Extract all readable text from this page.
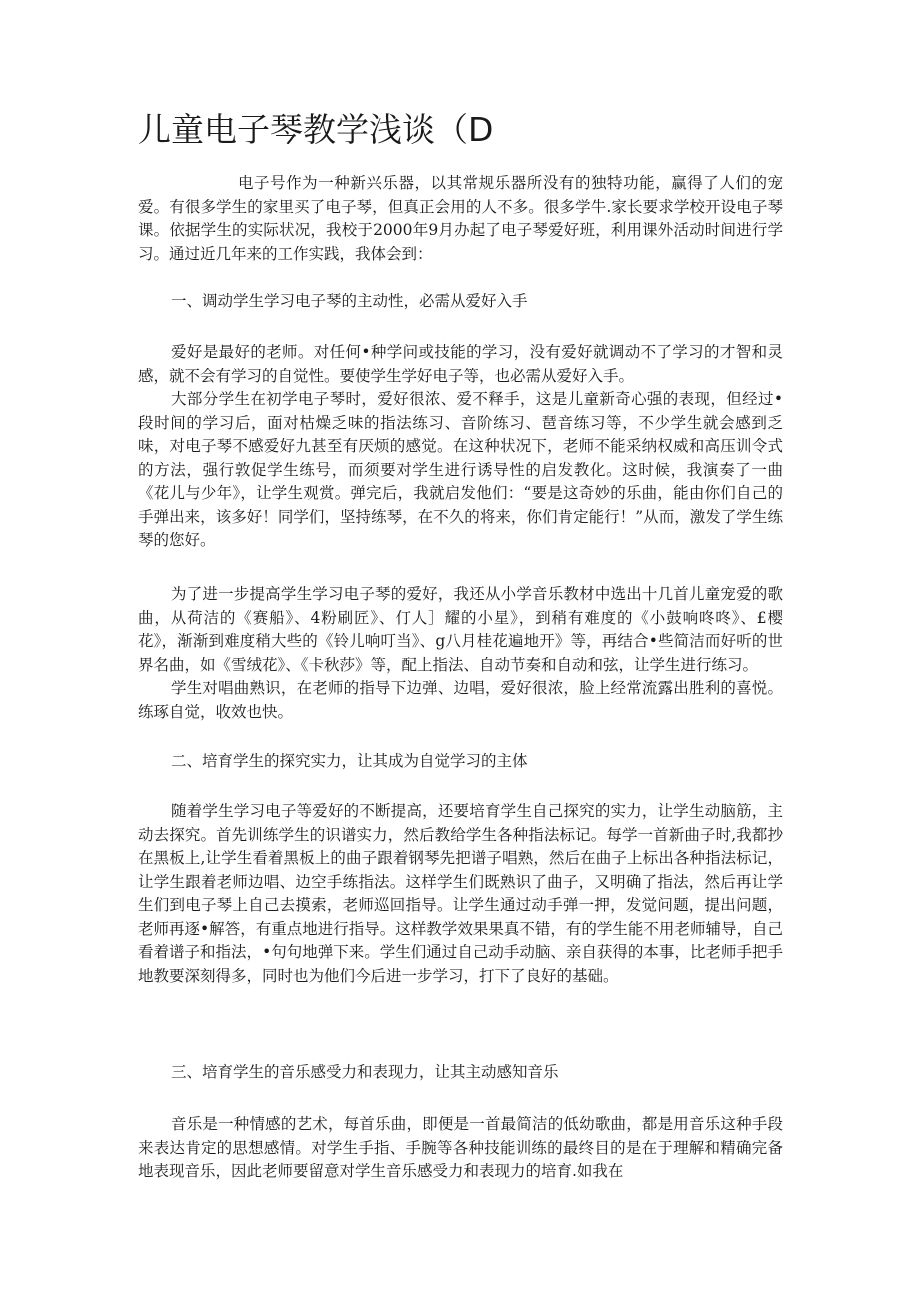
儿童电子琴教学浅谈（D

电子号作为一种新兴乐器，以其常规乐器所没有的独特功能，赢得了人们的宠爱。有很多学生的家里买了电子琴，但真正会用的人不多。很多学牛.家长要求学校开设电子琴课。依据学生的实际状况，我校于2000年9月办起了电子琴爱好班，利用课外活动时间进行学习。通过近几年来的工作实践，我体会到：

一、调动学生学习电子琴的主动性，必需从爱好入手

爱好是最好的老师。对任何•种学问或技能的学习，没有爱好就调动不了学习的才智和灵感，就不会有学习的自觉性。要使学生学好电子等，也必需从爱好入手。

大部分学生在初学电子琴时，爱好很浓、爱不释手，这是儿童新奇心强的表现，但经过•段时间的学习后，面对枯燥乏味的指法练习、音阶练习、琶音练习等，不少学生就会感到乏味，对电子琴不感爱好九甚至有厌烦的感觉。在这种状况下，老师不能采纳权威和高压训令式的方法，强行敦促学生练号，而须要对学生进行诱导性的启发教化。这时候，我演奏了一曲《花儿与少年》，让学生观赏。弹完后，我就启发他们：“要是这奇妙的乐曲，能由你们自己的手弹出来，该多好！同学们，坚持练琴，在不久的将来，你们肯定能行！”从而，激发了学生练琴的您好。

为了进一步提高学生学习电子琴的爱好，我还从小学音乐教材中选出十几首儿童宠爱的歌曲，从荷洁的《赛船》、4粉刷匠》、仃人］耀的小星》，到稍有难度的《小鼓响咚咚》、£樱花》，渐渐到难度稍大些的《铃儿响叮当》、g八月桂花遍地开》等，再结合•些简洁而好听的世界名曲，如《雪绒花》、《卡秋莎》等，配上指法、自动节奏和自动和弦，让学生进行练习。

学生对唱曲熟识，在老师的指导下边弹、边唱，爱好很浓，脸上经常流露出胜利的喜悦。练琢自觉，收效也快。

二、培育学生的探究实力，让其成为自觉学习的主体

随着学生学习电子等爱好的不断提高，还要培育学生自己探究的实力，让学生动脑筋，主动去探究。首先训练学生的识谱实力，然后教给学生各种指法标记。每学一首新曲子时,我都抄在黑板上,让学生看着黑板上的曲子跟着钢琴先把谱子唱熟，然后在曲子上标出各种指法标记，让学生跟着老师边唱、边空手练指法。这样学生们既熟识了曲子，又明确了指法，然后再让学生们到电子琴上自己去摸索，老师巡回指导。让学生通过动手弹一押，发觉问题，提出问题，老师再逐•解答，有重点地进行指导。这样教学效果果真不错，有的学生能不用老师辅导，自己看着谱子和指法，•句句地弹下来。学生们通过自己动手动脑、亲自获得的本事，比老师手把手地教要深刻得多，同时也为他们今后进一步学习，打下了良好的基础。

三、培育学生的音乐感受力和表现力，让其主动感知音乐

音乐是一种情感的艺术，每首乐曲，即便是一首最简洁的低幼歌曲，都是用音乐这种手段来表达肯定的思想感情。对学生手指、手腕等各种技能训练的最终目的是在于理解和精确完备地表现音乐，因此老师要留意对学生音乐感受力和表现力的培育.如我在
